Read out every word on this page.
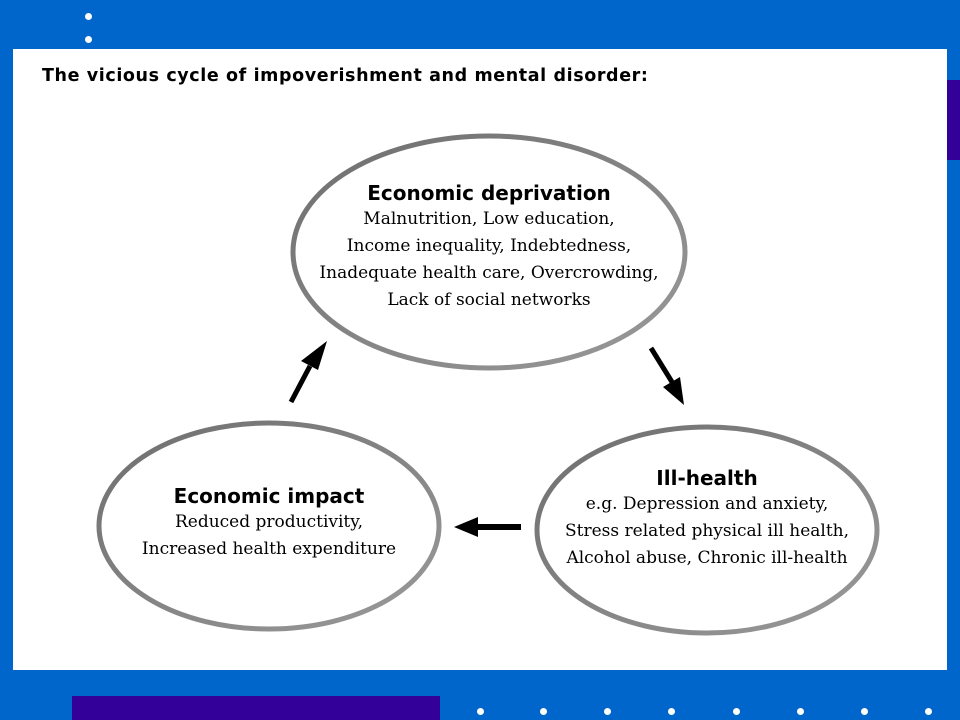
The vicious cycle of impoverishment and mental disorder:
Economic deprivation
Malnutrition, Low education,
Income inequality, Indebtedness,
Inadequate health care, Overcrowding,
Lack of social networks
Ill-health
e.g. Depression and anxiety,
Stress related physical ill health,
Alcohol abuse, Chronic ill-health
Economic impact
Reduced productivity,
Increased health expenditure
